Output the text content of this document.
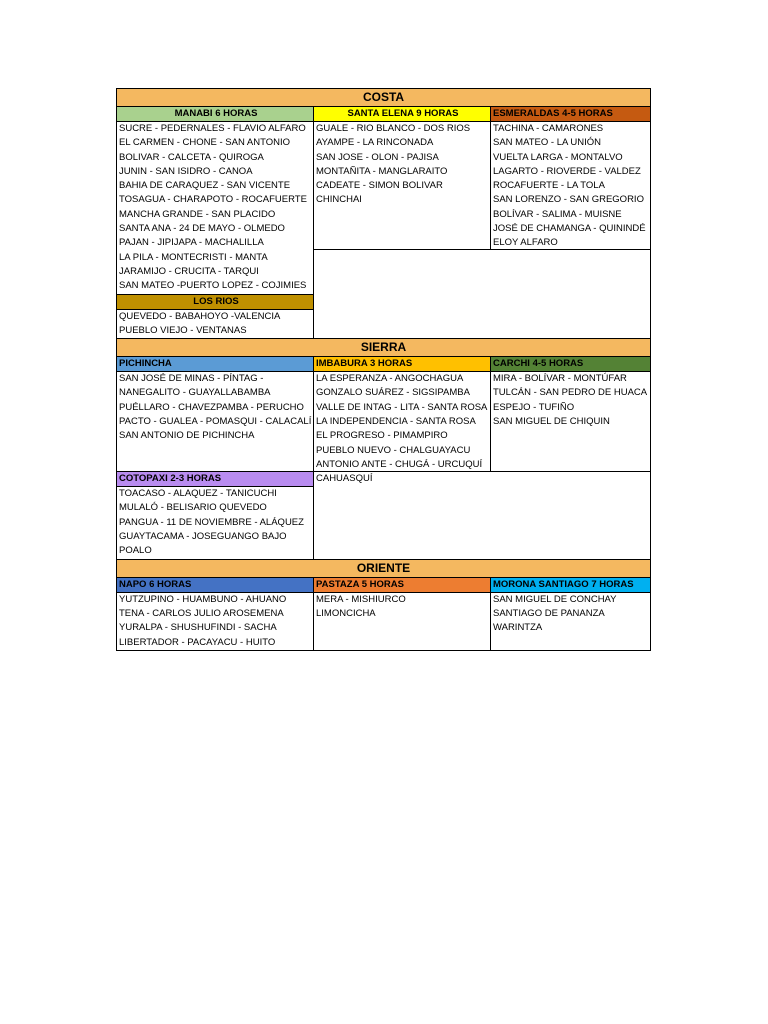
COSTA
MANABI 6 HORAS
SUCRE - PEDERNALES - FLAVIO ALFARO
EL CARMEN - CHONE - SAN ANTONIO
BOLIVAR - CALCETA - QUIROGA
JUNIN - SAN ISIDRO - CANOA
BAHIA DE CARAQUEZ - SAN VICENTE
TOSAGUA - CHARAPOTO - ROCAFUERTE
MANCHA GRANDE - SAN PLACIDO
SANTA ANA - 24 DE MAYO - OLMEDO
PAJAN - JIPIJAPA - MACHALILLA
LA PILA - MONTECRISTI - MANTA
JARAMIJO - CRUCITA - TARQUI
SAN MATEO -PUERTO LOPEZ - COJIMIES
LOS RIOS
QUEVEDO - BABAHOYO -VALENCIA
PUEBLO VIEJO - VENTANAS
SANTA ELENA 9 HORAS
GUALE - RIO BLANCO - DOS RIOS
AYAMPE - LA RINCONADA
SAN JOSE - OLON - PAJISA
MONTAÑITA - MANGLARAITO
CADEATE - SIMON BOLIVAR
CHINCHAI
ESMERALDAS 4-5 HORAS
TACHINA - CAMARONES
SAN MATEO - LA UNIÓN
VUELTA LARGA - MONTALVO
LAGARTO - RIOVERDE - VALDEZ
ROCAFUERTE - LA TOLA
SAN LORENZO - SAN GREGORIO
BOLÍVAR - SALIMA - MUISNE
JOSÉ DE CHAMANGA - QUININDÉ
ELOY ALFARO
SIERRA
PICHINCHA
SAN JOSÉ DE MINAS - PÍNTAG -
NANEGALITO - GUAYALLABAMBA
PUÉLLARO - CHAVEZPAMBA - PERUCHO
PACTO - GUALEA - POMASQUI - CALACALÍ
SAN ANTONIO DE PICHINCHA
IMBABURA 3 HORAS
LA ESPERANZA - ANGOCHAGUA
GONZALO SUÁREZ - SIGSIPAMBA
VALLE DE INTAG - LITA - SANTA ROSA
LA INDEPENDENCIA - SANTA ROSA
EL PROGRESO - PIMAMPIRO
PUEBLO NUEVO - CHALGUAYACU
ANTONIO ANTE - CHUGÁ - URCUQUÍ
CAHUASQUÍ
CARCHI 4-5 HORAS
MIRA - BOLÍVAR - MONTÚFAR
TULCÁN - SAN PEDRO DE HUACA
ESPEJO - TUFIÑO
SAN MIGUEL DE CHIQUIN
COTOPAXI 2-3 HORAS
TOACASO - ALAQUEZ - TANICUCHI
MULALÓ - BELISARIO QUEVEDO
PANGUA - 11 DE NOVIEMBRE - ALÁQUEZ
GUAYTACAMA - JOSEGUANGO BAJO
POALO
ORIENTE
NAPO 6 HORAS
YUTZUPINO - HUAMBUNO - AHUANO
TENA - CARLOS JULIO AROSEMENA
YURALPA - SHUSHUFINDI - SACHA
LIBERTADOR - PACAYACU - HUITO
PASTAZA 5 HORAS
MERA - MISHIURCO
LIMONCICHA
MORONA SANTIAGO 7 HORAS
SAN MIGUEL DE CONCHAY
SANTIAGO DE PANANZA
WARINTZA
